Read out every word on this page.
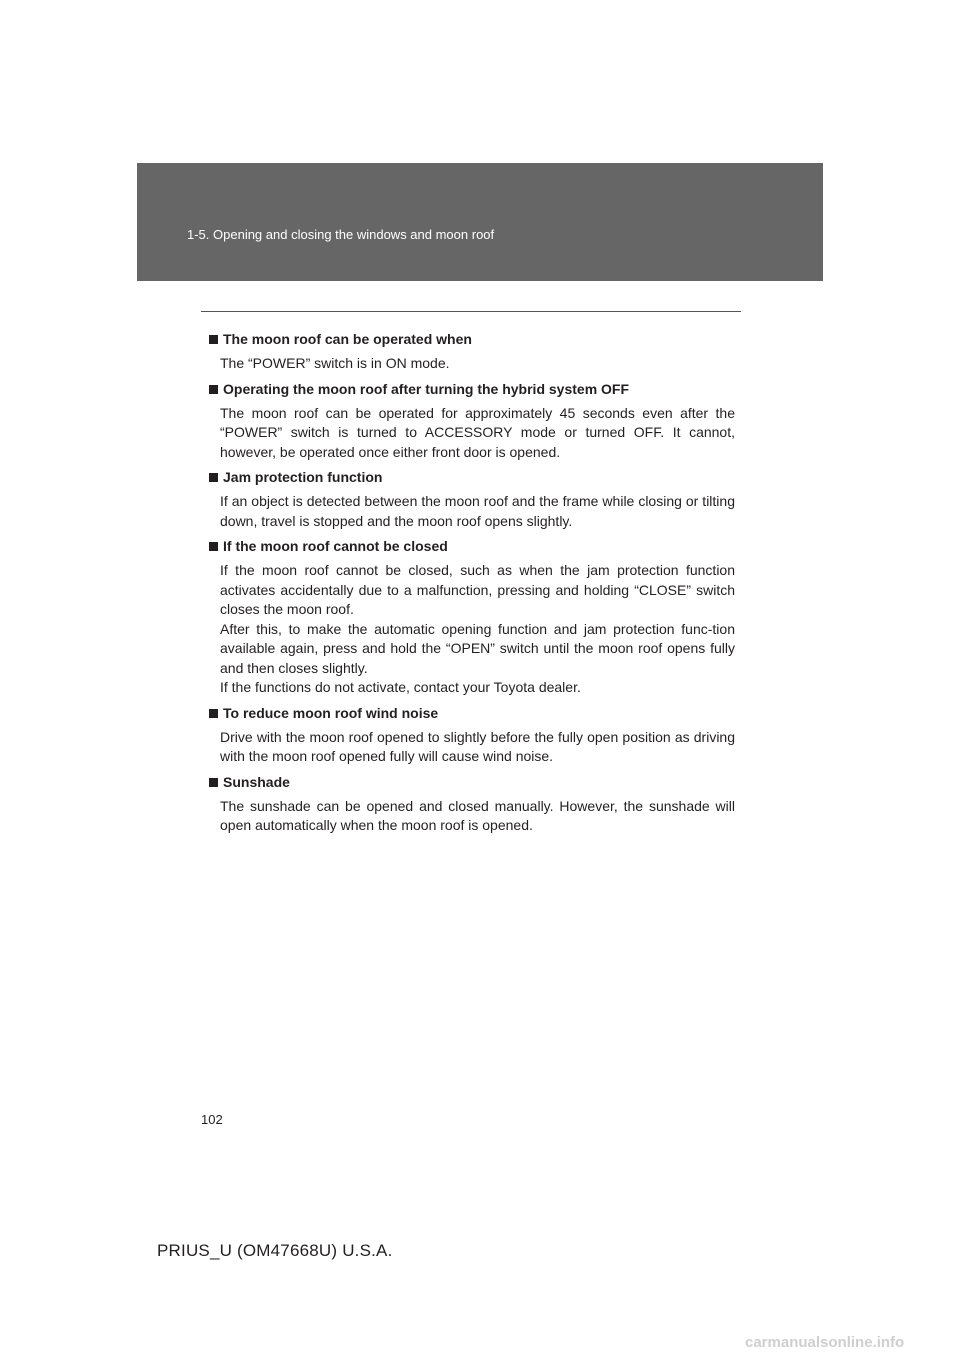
1-5. Opening and closing the windows and moon roof
The moon roof can be operated when

The “POWER” switch is in ON mode.

Operating the moon roof after turning the hybrid system OFF

The moon roof can be operated for approximately 45 seconds even after the “POWER” switch is turned to ACCESSORY mode or turned OFF. It cannot, however, be operated once either front door is opened.

Jam protection function

If an object is detected between the moon roof and the frame while closing or tilting down, travel is stopped and the moon roof opens slightly.

If the moon roof cannot be closed

If the moon roof cannot be closed, such as when the jam protection function activates accidentally due to a malfunction, pressing and holding “CLOSE” switch closes the moon roof.

After this, to make the automatic opening function and jam protection func-tion available again, press and hold the “OPEN” switch until the moon roof opens fully and then closes slightly.

If the functions do not activate, contact your Toyota dealer.

To reduce moon roof wind noise

Drive with the moon roof opened to slightly before the fully open position as driving with the moon roof opened fully will cause wind noise.

Sunshade

The sunshade can be opened and closed manually. However, the sunshade will open automatically when the moon roof is opened.

102
PRIUS_U (OM47668U) U.S.A.
carmanualsonline.info
